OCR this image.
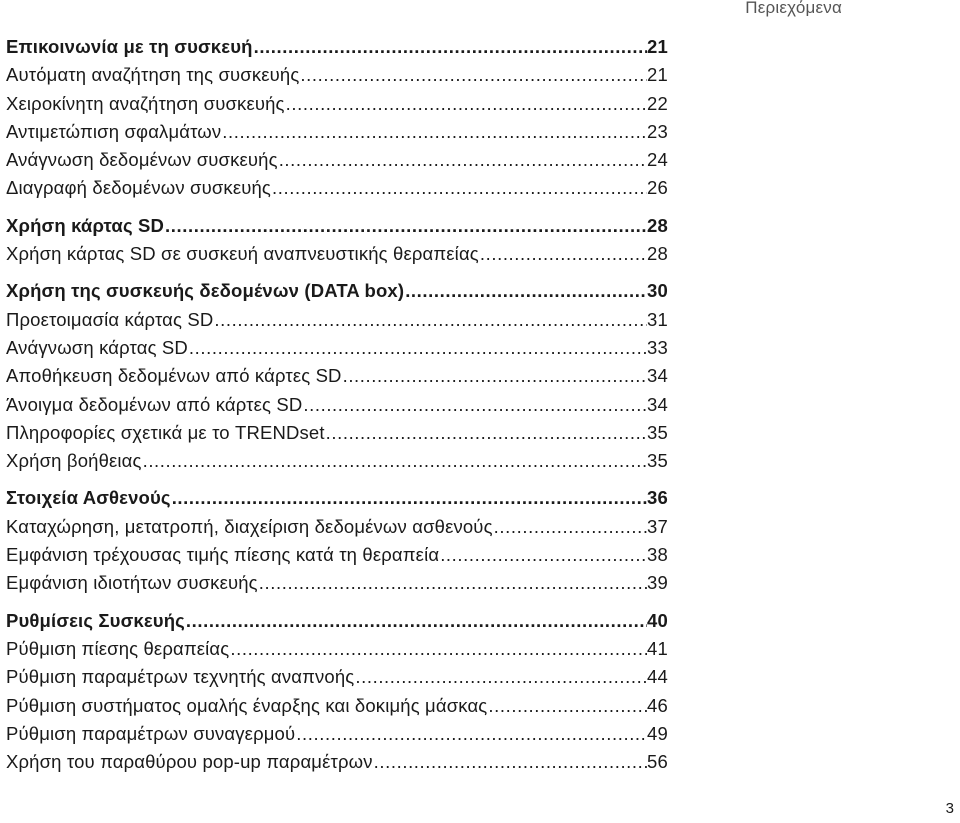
Περιεχόμενα
Επικοινωνία με τη συσκευή .....	21
Αυτόματη αναζήτηση της συσκευής .....	21
Χειροκίνητη αναζήτηση συσκευής .....	22
Αντιμετώπιση σφαλμάτων .....	23
Ανάγνωση δεδομένων συσκευής .....	24
Διαγραφή δεδομένων συσκευής .....	26
Χρήση κάρτας SD .....	28
Χρήση κάρτας SD σε συσκευή αναπνευστικής θεραπείας .....	28
Χρήση της συσκευής δεδομένων (DATA box) .....	30
Προετοιμασία κάρτας SD .....	31
Ανάγνωση κάρτας SD .....	33
Αποθήκευση δεδομένων από κάρτες SD .....	34
Άνοιγμα δεδομένων από κάρτες SD .....	34
Πληροφορίες σχετικά με το TRENDset .....	35
Χρήση βοήθειας .....	35
Στοιχεία Ασθενούς .....	36
Καταχώρηση, μετατροπή, διαχείριση δεδομένων ασθενούς .....	37
Εμφάνιση τρέχουσας τιμής πίεσης κατά τη θεραπεία .....	38
Εμφάνιση ιδιοτήτων συσκευής .....	39
Ρυθμίσεις Συσκευής .....	40
Ρύθμιση πίεσης θεραπείας .....	41
Ρύθμιση παραμέτρων τεχνητής αναπνοής .....	44
Ρύθμιση συστήματος ομαλής έναρξης και δοκιμής μάσκας .....	46
Ρύθμιση παραμέτρων συναγερμού .....	49
Χρήση του παραθύρου pop-up παραμέτρων .....	56
3
